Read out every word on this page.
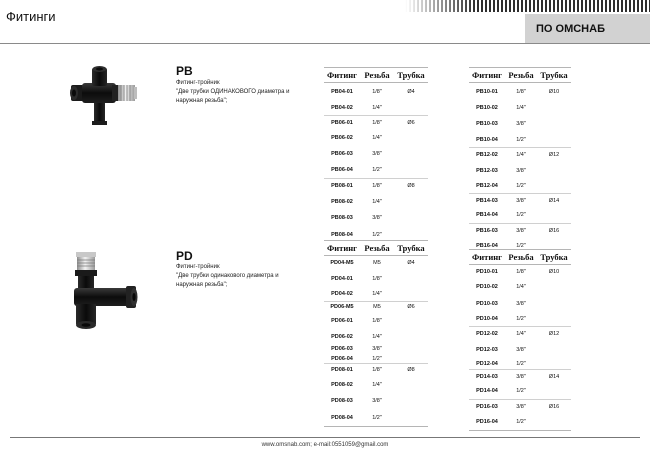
Фитинги
ПО ОМСНАБ
PB
Фитинг-тройник
"Две трубки ОДИНАКОВОГО диаметра и
наружная резьба";
Фитинг	Резьба	Трубка
PB04-01	1/8"	Ø4
PB04-02	1/4"	
PB06-01	1/8"	Ø6
PB06-02	1/4"	
PB06-03	3/8"	
PB06-04	1/2"	
PB08-01	1/8"	Ø8
PB08-02	1/4"	
PB08-03	3/8"	
PB08-04	1/2"	
Фитинг	Резьба	Трубка
PB10-01	1/8"	Ø10
PB10-02	1/4"	
PB10-03	3/8"	
PB10-04	1/2"	
PB12-02	1/4"	Ø12
PB12-03	3/8"	
PB12-04	1/2"	
PB14-03	3/8"	Ø14
PB14-04	1/2"	
PB16-03	3/8"	Ø16
PB16-04	1/2"	
PD
Фитинг-тройник
"Две трубки одинакового диаметра и
наружная резьба";
Фитинг	Резьба	Трубка
PD04-M5	M5	Ø4
PD04-01	1/8"	
PD04-02	1/4"	
PD06-M5	M5	Ø6
PD06-01	1/8"	
PD06-02	1/4"	
PD06-03	3/8"	
PD06-04	1/2"	
PD08-01	1/8"	Ø8
PD08-02	1/4"	
PD08-03	3/8"	
PD08-04	1/2"	
Фитинг	Резьба	Трубка
PD10-01	1/8"	Ø10
PD10-02	1/4"	
PD10-03	3/8"	
PD10-04	1/2"	
PD12-02	1/4"	Ø12
PD12-03	3/8"	
PD12-04	1/2"	
PD14-03	3/8"	Ø14
PD14-04	1/2"	
PD16-03	3/8"	Ø16
PD16-04	1/2"	
www.omsnab.com; e-mail:0551059@gmail.com
